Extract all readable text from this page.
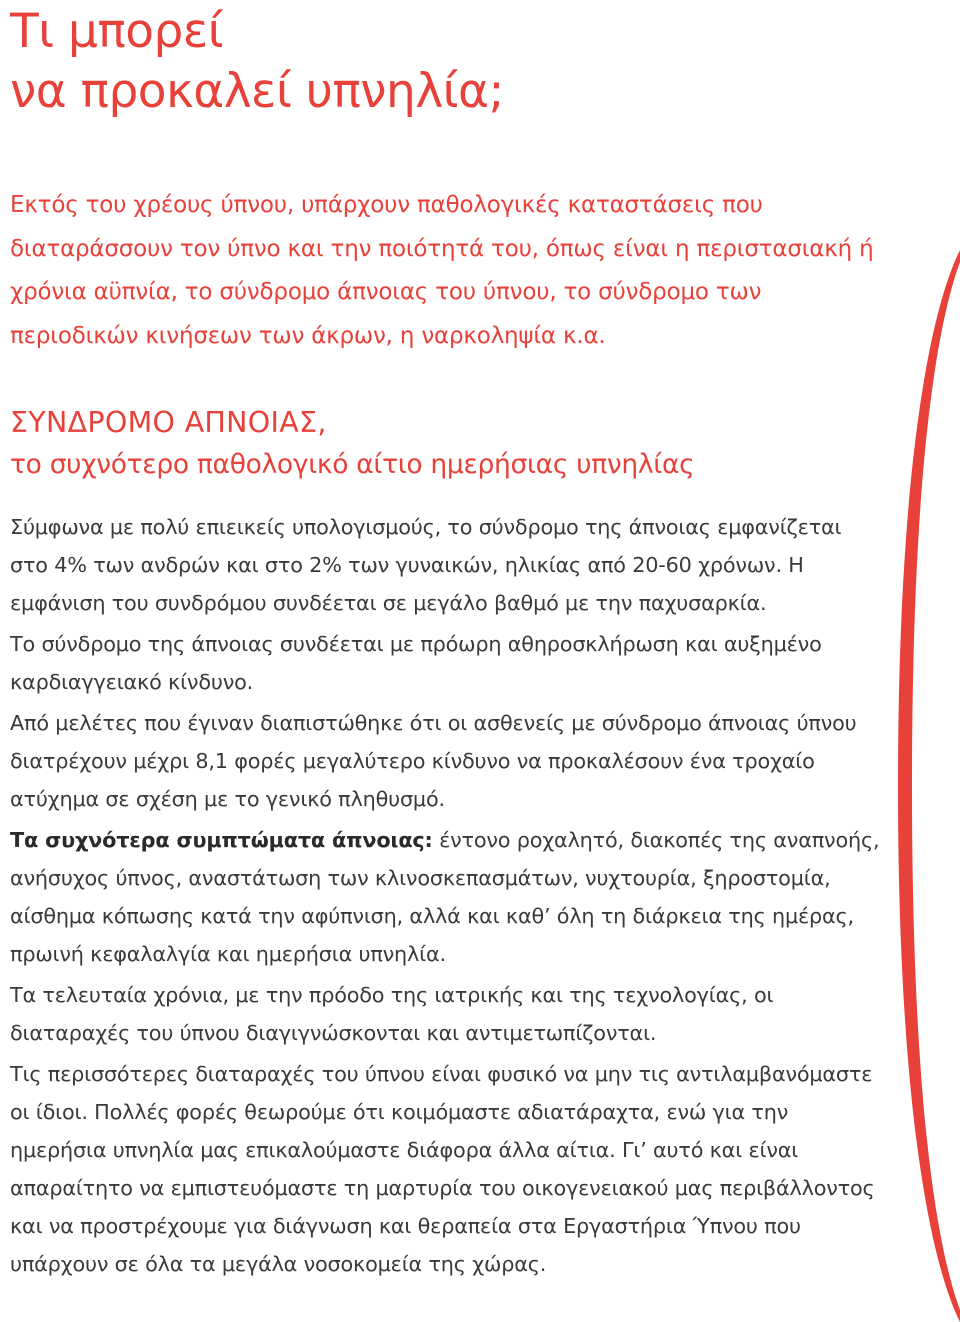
Τι μπορεί
να προκαλεί υπνηλία;

Εκτός του χρέους ύπνου, υπάρχουν παθολογικές καταστάσεις που διαταράσσουν τον ύπνο και την ποιότητά του, όπως είναι η περιστασιακή ή χρόνια αϋπνία, το σύνδρομο άπνοιας του ύπνου, το σύνδρομο των περιοδικών κινήσεων των άκρων, η ναρκοληψία κ.α.

ΣΥΝΔΡΟΜΟ ΑΠΝΟΙΑΣ,
το συχνότερο παθολογικό αίτιο ημερήσιας υπνηλίας

Σύμφωνα με πολύ επιεικείς υπολογισμούς, το σύνδρομο της άπνοιας εμφανίζεται στο 4% των ανδρών και στο 2% των γυναικών, ηλικίας από 20-60 χρόνων. Η εμφάνιση του συνδρόμου συνδέεται σε μεγάλο βαθμό με την παχυσαρκία.

Το σύνδρομο της άπνοιας συνδέεται με πρόωρη αθηροσκλήρωση και αυξημένο καρδιαγγειακό κίνδυνο.

Από μελέτες που έγιναν διαπιστώθηκε ότι οι ασθενείς με σύνδρομο άπνοιας ύπνου διατρέχουν μέχρι 8,1 φορές μεγαλύτερο κίνδυνο να προκαλέσουν ένα τροχαίο ατύχημα σε σχέση με το γενικό πληθυσμό.

Τα συχνότερα συμπτώματα άπνοιας: έντονο ροχαλητό, διακοπές της αναπνοής, ανήσυχος ύπνος, αναστάτωση των κλινοσκεπασμάτων, νυχτουρία, ξηροστομία, αίσθημα κόπωσης κατά την αφύπνιση, αλλά και καθ’ όλη τη διάρκεια της ημέρας, πρωινή κεφαλαλγία και ημερήσια υπνηλία.

Τα τελευταία χρόνια, με την πρόοδο της ιατρικής και της τεχνολογίας, οι διαταραχές του ύπνου διαγιγνώσκονται και αντιμετωπίζονται.

Τις περισσότερες διαταραχές του ύπνου είναι φυσικό να μην τις αντιλαμβανόμαστε οι ίδιοι. Πολλές φορές θεωρούμε ότι κοιμόμαστε αδιατάραχτα, ενώ για την ημερήσια υπνηλία μας επικαλούμαστε διάφορα άλλα αίτια. Γι’ αυτό και είναι απαραίτητο να εμπιστευόμαστε τη μαρτυρία του οικογενειακού μας περιβάλλοντος και να προστρέχουμε για διάγνωση και θεραπεία στα Εργαστήρια Ύπνου που υπάρχουν σε όλα τα μεγάλα νοσοκομεία της χώρας.
